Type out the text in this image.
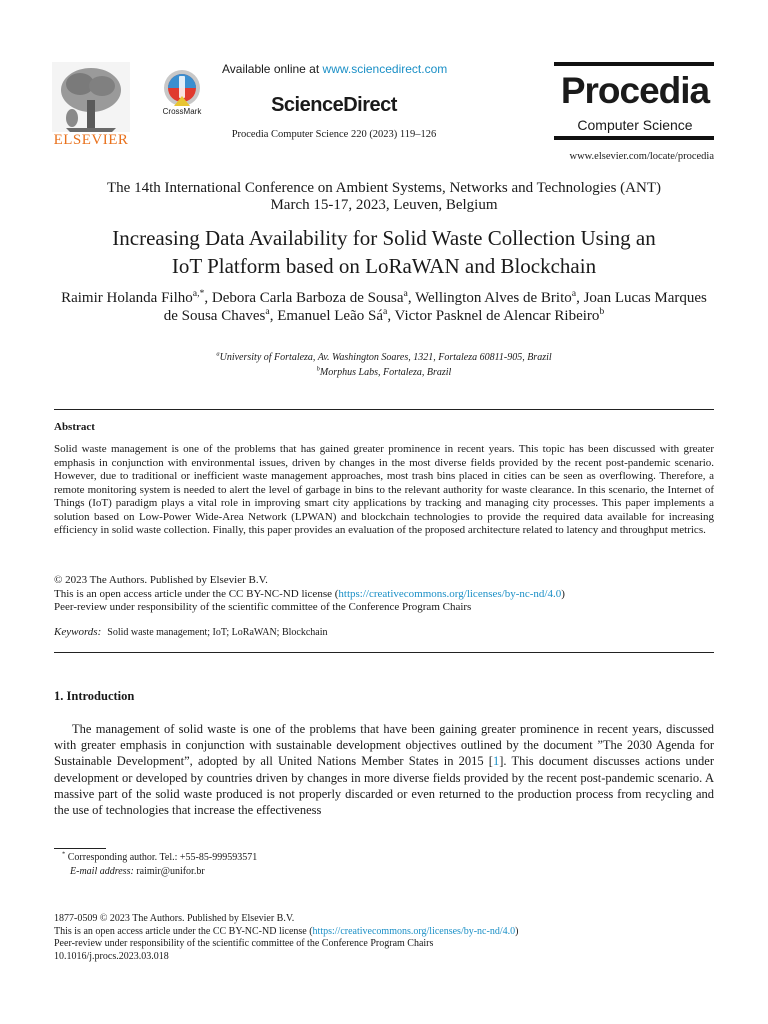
ELSEVIER
CrossMark
Available online at www.sciencedirect.com
ScienceDirect
Procedia Computer Science 220 (2023) 119–126
Procedia
Computer Science
www.elsevier.com/locate/procedia
The 14th International Conference on Ambient Systems, Networks and Technologies (ANT)
March 15-17, 2023, Leuven, Belgium
Increasing Data Availability for Solid Waste Collection Using an
IoT Platform based on LoRaWAN and Blockchain
Raimir Holanda Filho$^{a,*}$, Debora Carla Barboza de Sousa$^a$, Wellington Alves de Brito$^a$, Joan Lucas Marques de Sousa Chaves$^a$, Emanuel Leão $Sá^a$, Victor Pasknel de Alencar Ribeiro$^b$
$^a$University of Fortaleza, Av. Washington Soares, 1321, Fortaleza 60811-905, Brazil
$^b$Morphus Labs, Fortaleza, Brazil
Abstract
Solid waste management is one of the problems that has gained greater prominence in recent years. This topic has been discussed with greater emphasis in conjunction with environmental issues, driven by changes in the most diverse fields provided by the recent post-pandemic scenario. However, due to traditional or inefficient waste management approaches, most trash bins placed in cities can be seen as overflowing. Therefore, a remote monitoring system is needed to alert the level of garbage in bins to the relevant authority for waste clearance. In this scenario, the Internet of Things (IoT) paradigm plays a vital role in improving smart city applications by tracking and managing city processes. This paper implements a solution based on Low-Power Wide-Area Network (LPWAN) and blockchain technologies to provide the required data available for increasing efficiency in solid waste collection. Finally, this paper provides an evaluation of the proposed architecture related to latency and throughput metrics.
© 2023 The Authors. Published by Elsevier B.V.
This is an open access article under the CC BY-NC-ND license (https://creativecommons.org/licenses/by-nc-nd/4.0)
Peer-review under responsibility of the scientific committee of the Conference Program Chairs
Keywords: Solid waste management; IoT; LoRaWAN; Blockchain
1. Introduction
The management of solid waste is one of the problems that have been gaining greater prominence in recent years, discussed with greater emphasis in conjunction with sustainable development objectives outlined by the document ”The 2030 Agenda for Sustainable Development”, adopted by all United Nations Member States in 2015 [1]. This document discusses actions under development or developed by countries driven by changes in more diverse fields provided by the recent post-pandemic scenario. A massive part of the solid waste produced is not properly discarded or even returned to the production process from recycling and the use of technologies that increase the effectiveness
* Corresponding author. Tel.: +55-85-999593571
E-mail address: raimir@unifor.br
1877-0509 © 2023 The Authors. Published by Elsevier B.V.
This is an open access article under the CC BY-NC-ND license (https://creativecommons.org/licenses/by-nc-nd/4.0)
Peer-review under responsibility of the scientific committee of the Conference Program Chairs
10.1016/j.procs.2023.03.018
